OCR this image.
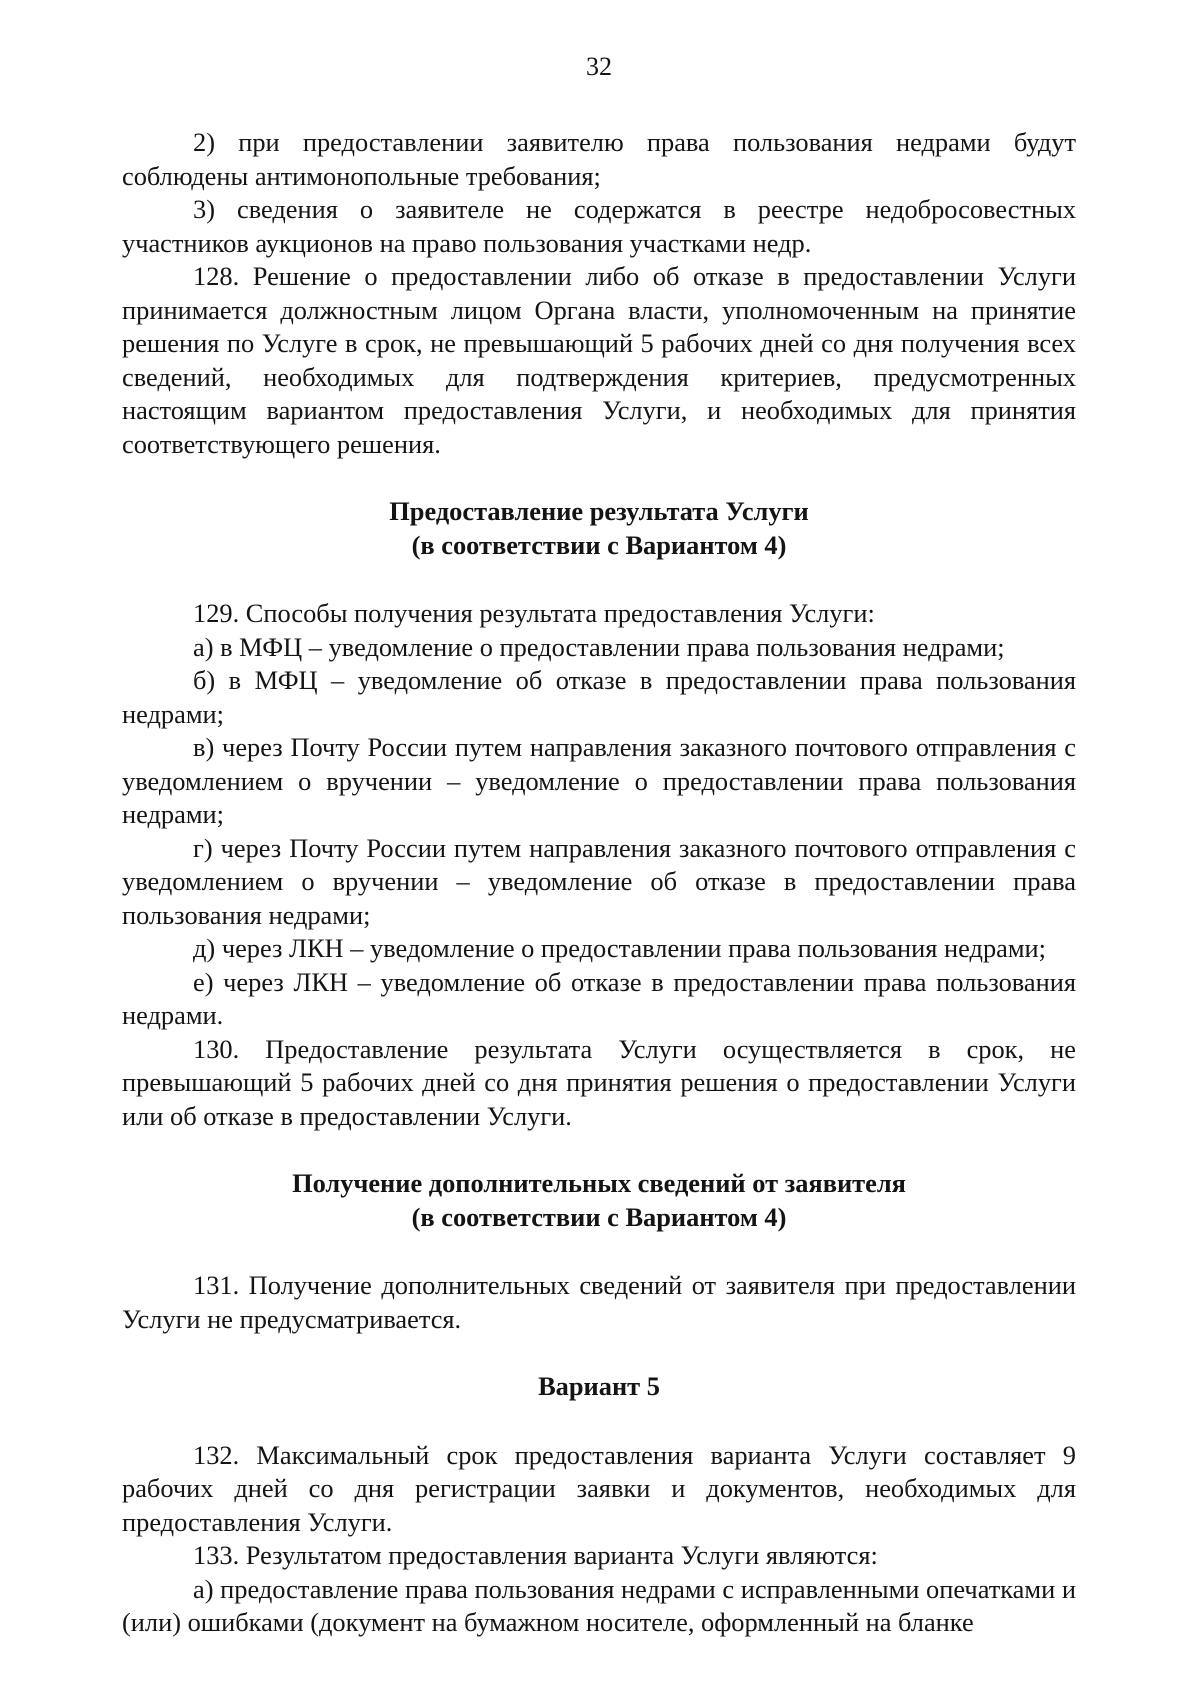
32

2) при предоставлении заявителю права пользования недрами будут соблюдены антимонопольные требования;

3) сведения о заявителе не содержатся в реестре недобросовестных участников аукционов на право пользования участками недр.

128. Решение о предоставлении либо об отказе в предоставлении Услуги принимается должностным лицом Органа власти, уполномоченным на принятие решения по Услуге в срок, не превышающий 5 рабочих дней со дня получения всех сведений, необходимых для подтверждения критериев, предусмотренных настоящим вариантом предоставления Услуги, и необходимых для принятия соответствующего решения.

Предоставление результата Услуги
(в соответствии с Вариантом 4)

129. Способы получения результата предоставления Услуги:

а) в МФЦ – уведомление о предоставлении права пользования недрами;

б) в МФЦ – уведомление об отказе в предоставлении права пользования недрами;

в) через Почту России путем направления заказного почтового отправления с уведомлением о вручении – уведомление о предоставлении права пользования недрами;

г) через Почту России путем направления заказного почтового отправления с уведомлением о вручении – уведомление об отказе в предоставлении права пользования недрами;

д) через ЛКН – уведомление о предоставлении права пользования недрами;

е) через ЛКН – уведомление об отказе в предоставлении права пользования недрами.

130. Предоставление результата Услуги осуществляется в срок, не превышающий 5 рабочих дней со дня принятия решения о предоставлении Услуги или об отказе в предоставлении Услуги.

Получение дополнительных сведений от заявителя
(в соответствии с Вариантом 4)

131. Получение дополнительных сведений от заявителя при предоставлении Услуги не предусматривается.

Вариант 5

132. Максимальный срок предоставления варианта Услуги составляет 9 рабочих дней со дня регистрации заявки и документов, необходимых для предоставления Услуги.

133. Результатом предоставления варианта Услуги являются:

а) предоставление права пользования недрами с исправленными опечатками и (или) ошибками (документ на бумажном носителе, оформленный на бланке
